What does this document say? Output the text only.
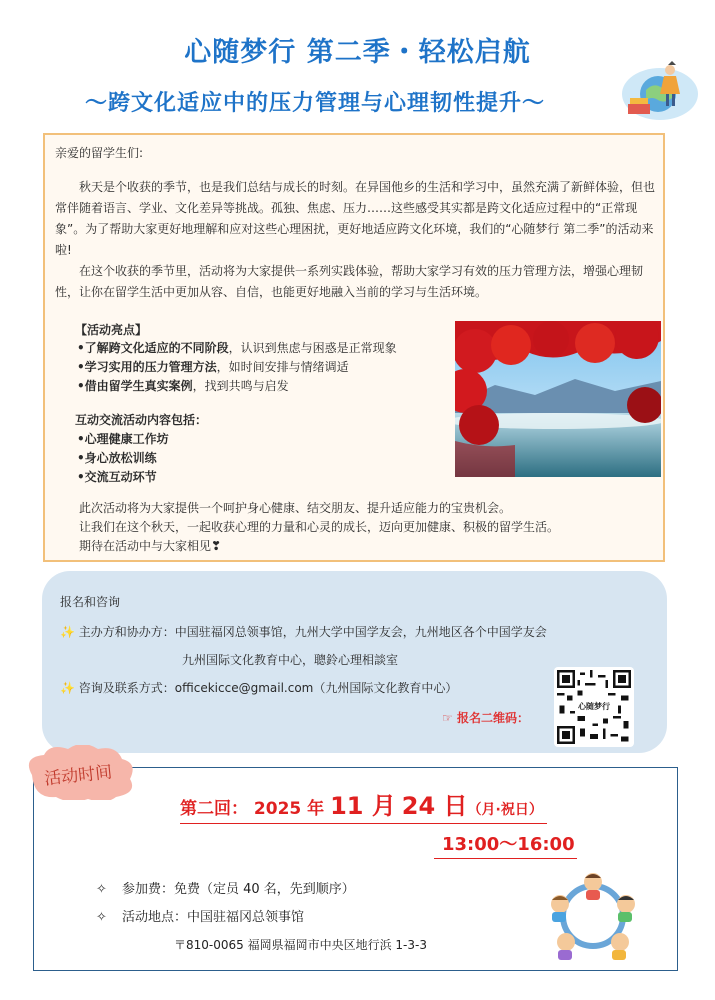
心随梦行 第二季・轻松启航
～跨文化适应中的压力管理与心理韧性提升～

亲爱的留学生们:

秋天是个收获的季节，也是我们总结与成长的时刻。在异国他乡的生活和学习中，虽然充满了新鲜体验，但也常伴随着语言、学业、文化差异等挑战。孤独、焦虑、压力……这些感受其实都是跨文化适应过程中的“正常现象”。为了帮助大家更好地理解和应对这些心理困扰，更好地适应跨文化环境，我们的“心随梦行 第二季”的活动来啦!

在这个收获的季节里，活动将为大家提供一系列实践体验，帮助大家学习有效的压力管理方法，增强心理韧性，让你在留学生活中更加从容、自信，也能更好地融入当前的学习与生活环境。

【活动亮点】
•了解跨文化适应的不同阶段，认识到焦虑与困惑是正常现象
•学习实用的压力管理方法，如时间安排与情绪调适
•借由留学生真实案例，找到共鸣与启发
互动交流活动内容包括：
•心理健康工作坊
•身心放松训练
•交流互动环节
此次活动将为大家提供一个呵护身心健康、结交朋友、提升适应能力的宝贵机会。
让我们在这个秋天，一起收获心理的力量和心灵的成长，迈向更加健康、积极的留学生活。
期待在活动中与大家相见❣
报名和咨询
✨ 主办方和协办方：中国驻福冈总领事馆，九州大学中国学友会，九州地区各个中国学友会
九州国际文化教育中心，聰鈴心理相談室
✨ 咨询及联系方式：officekicce@gmail.com（九州国际文化教育中心）
☞ 报名二维码：
心随梦行
第二回： 2025 年 11 月 24 日（月·祝日）
13:00～16:00
✧ 参加费：免费（定员 40 名，先到顺序）
✧ 活动地点：中国驻福冈总领事馆
〒810-0065 福岡県福岡市中央区地行浜 1-3-3
活动时间
